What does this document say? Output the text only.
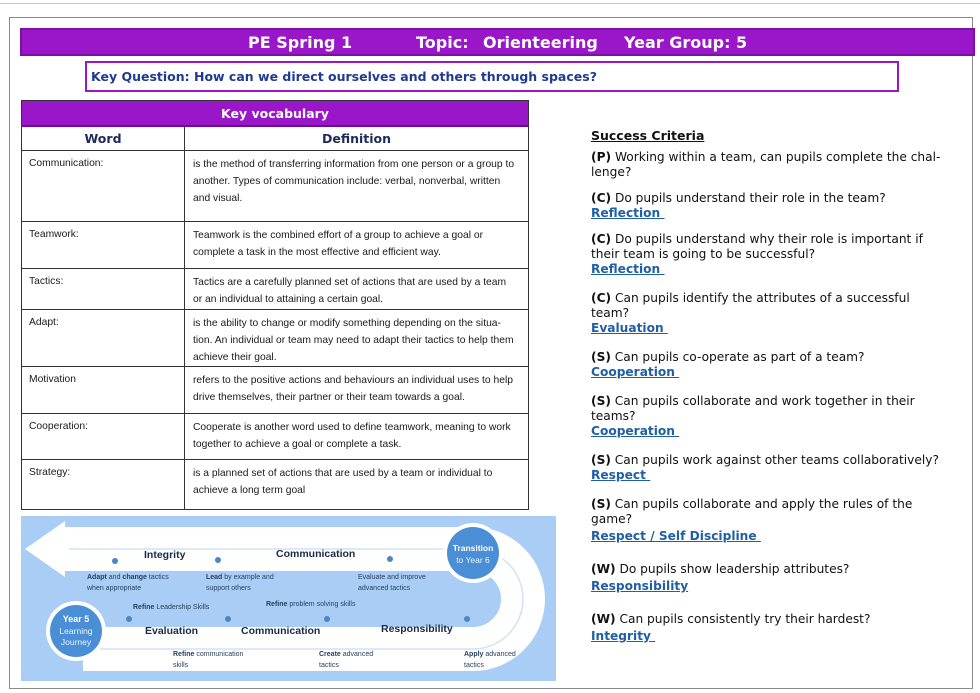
PE Spring 1	Topic: Orienteering Year Group: 5
Key Question: How can we direct ourselves and others through spaces?
Key vocabulary	
Word	Definition
Communication:	is the method of transferring information from one person or a group to another. Types of communication include: verbal, nonverbal, written and visual.
Teamwork:	Teamwork is the combined effort of a group to achieve a goal or complete a task in the most effective and efficient way.
Tactics:	Tactics are a carefully planned set of actions that are used by a team or an individual to attaining a certain goal.
Adapt:	is the ability to change or modify something depending on the situa-tion. An individual or team may need to adapt their tactics to help them achieve their goal.
Motivation	refers to the positive actions and behaviours an individual uses to help drive themselves, their partner or their team towards a goal.
Cooperation:	Cooperate is another word used to define teamwork, meaning to work together to achieve a goal or complete a task.
Strategy:	is a planned set of actions that are used by a team or individual to achieve a long term goal
Integrity	Communication
Evaluation	Communication	Responsibility
Adapt and change tactics
when appropriate
Lead by example and
support others
Evaluate and improve
advanced tactics
Refine Leadership Skills	Refine problem solving skills
Refine communication
skills
Create advanced
tactics
Apply advanced
tactics
Year 5
Learning
Journey
Transition
to Year 6
Success Criteria
(P) Working within a team, can pupils complete the chal-lenge?
(C) Do pupils understand their role in the team?
Reflection
(C) Do pupils understand why their role is important if their team is going to be successful?
Reflection
(C) Can pupils identify the attributes of a successful team?
Evaluation
(S) Can pupils co-operate as part of a team?
Cooperation
(S) Can pupils collaborate and work together in their teams?
Cooperation
(S) Can pupils work against other teams collaboratively?
Respect
(S) Can pupils collaborate and apply the rules of the game?
Respect / Self Discipline
(W) Do pupils show leadership attributes?
Responsibility
(W) Can pupils consistently try their hardest?
Integrity
